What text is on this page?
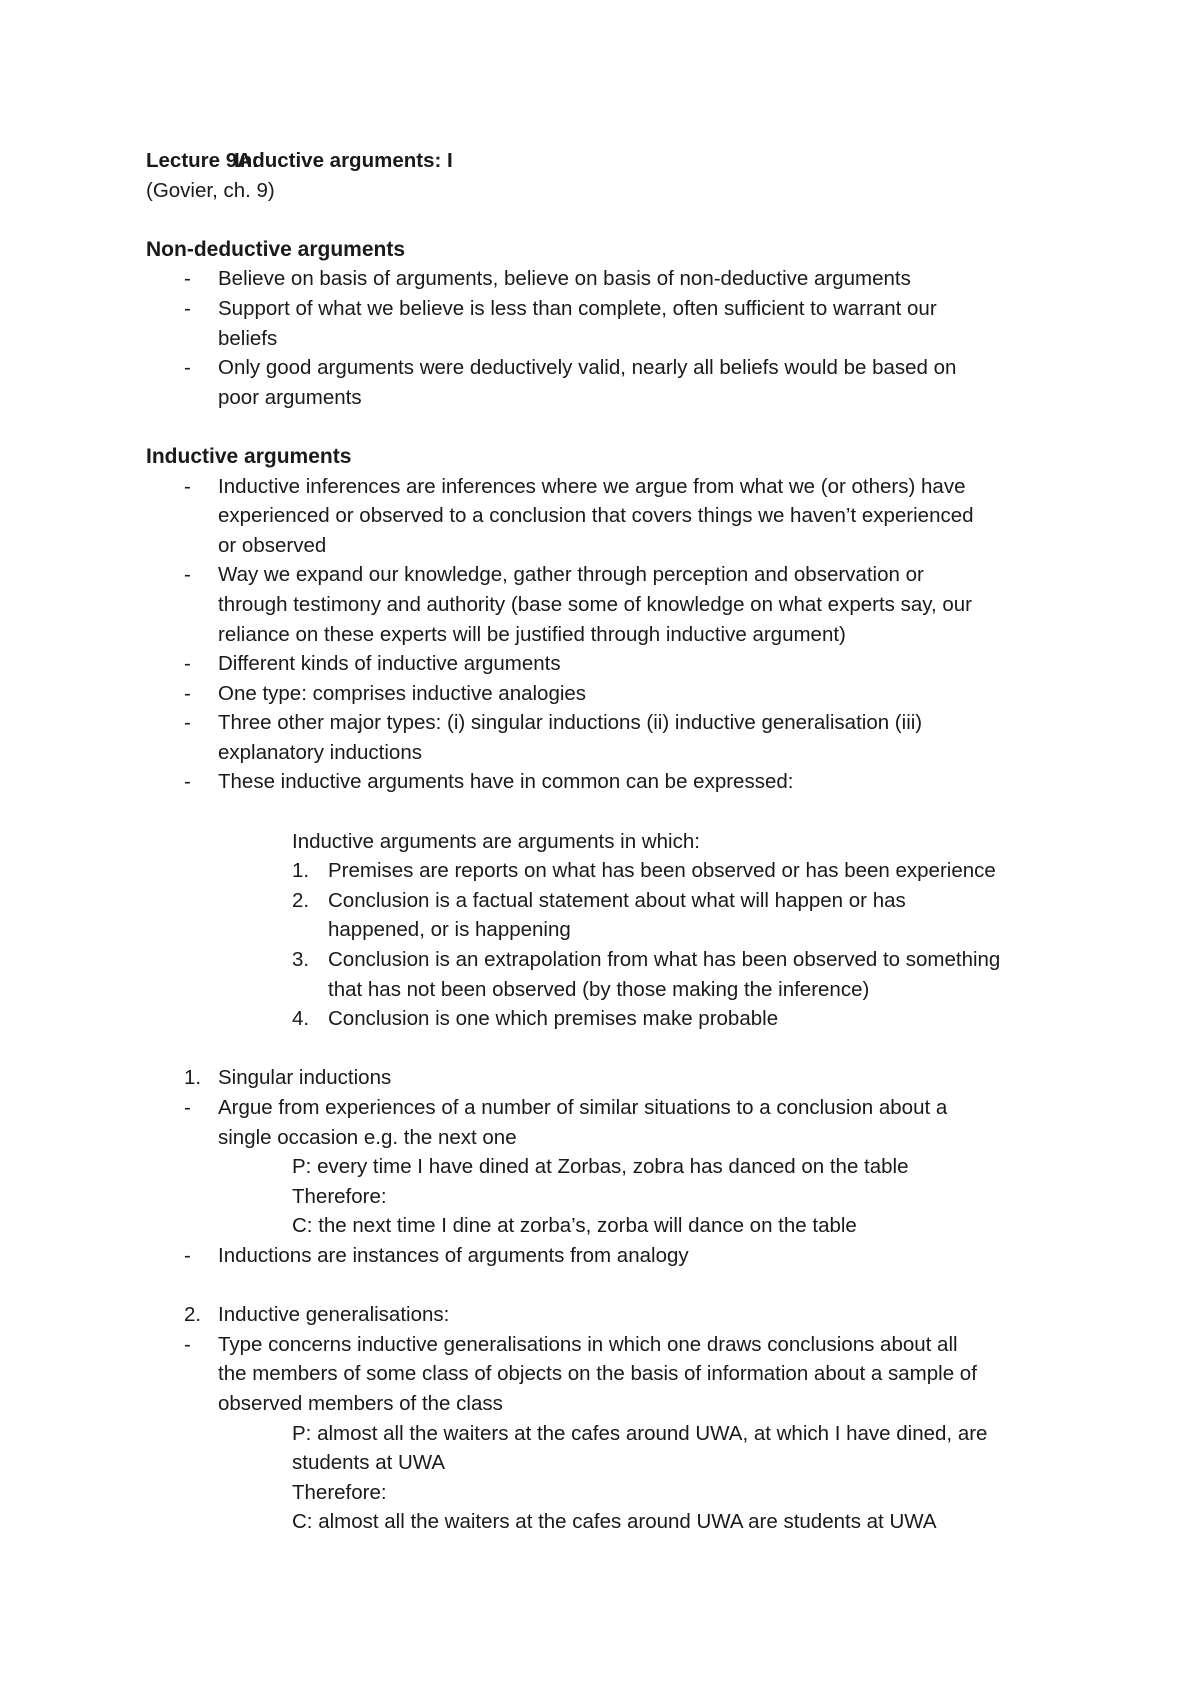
Lecture 9A:Inductive arguments: I
(Govier, ch. 9)
Non-deductive arguments
- Believe on basis of arguments, believe on basis of non-deductive arguments
- Support of what we believe is less than complete, often sufficient to warrant our
beliefs
- Only good arguments were deductively valid, nearly all beliefs would be based on
poor arguments
Inductive arguments
- Inductive inferences are inferences where we argue from what we (or others) have
experienced or observed to a conclusion that covers things we haven’t experienced
or observed
- Way we expand our knowledge, gather through perception and observation or
through testimony and authority (base some of knowledge on what experts say, our
reliance on these experts will be justified through inductive argument)
- Different kinds of inductive arguments
- One type: comprises inductive analogies
- Three other major types: (i) singular inductions (ii) inductive generalisation (iii)
explanatory inductions
- These inductive arguments have in common can be expressed:
Inductive arguments are arguments in which:
1. Premises are reports on what has been observed or has been experience
2. Conclusion is a factual statement about what will happen or has
happened, or is happening
3. Conclusion is an extrapolation from what has been observed to something
that has not been observed (by those making the inference)
4. Conclusion is one which premises make probable
1. Singular inductions
- Argue from experiences of a number of similar situations to a conclusion about a
single occasion e.g. the next one
P: every time I have dined at Zorbas, zobra has danced on the table
Therefore:
C: the next time I dine at zorba’s, zorba will dance on the table
- Inductions are instances of arguments from analogy
2. Inductive generalisations:
- Type concerns inductive generalisations in which one draws conclusions about all
the members of some class of objects on the basis of information about a sample of
observed members of the class
P: almost all the waiters at the cafes around UWA, at which I have dined, are
students at UWA
Therefore:
C: almost all the waiters at the cafes around UWA are students at UWA
